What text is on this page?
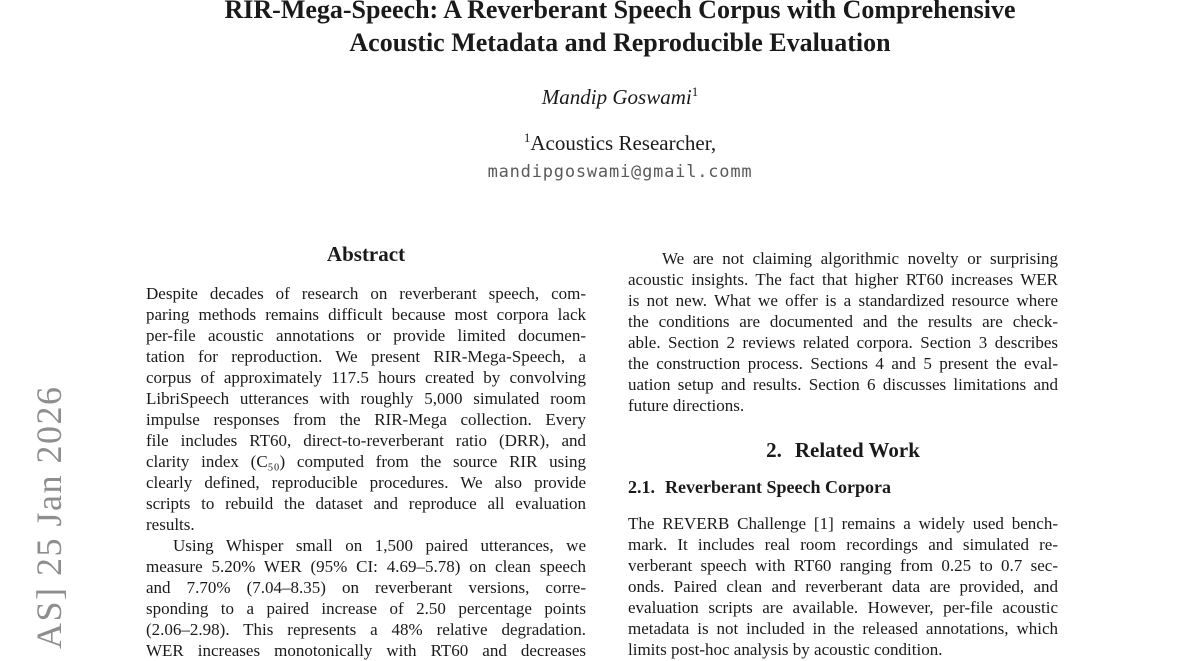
AS] 25 Jan 2026
RIR-Mega-Speech: A Reverberant Speech Corpus with Comprehensive
Acoustic Metadata and Reproducible Evaluation
Mandip Goswami$^1$
$^1$Acoustics Researcher,
mandipgoswami@gmail.comm
Abstract
Despite decades of research on reverberant speech, com-
paring methods remains difficult because most corpora lack
per-file acoustic annotations or provide limited documen-
tation for reproduction. We present RIR-Mega-Speech, a
corpus of approximately 117.5 hours created by convolving
LibriSpeech utterances with roughly 5,000 simulated room
impulse responses from the RIR-Mega collection. Every
file includes RT60, direct-to-reverberant ratio (DRR), and
clarity index (C₅₀) computed from the source RIR using
clearly defined, reproducible procedures. We also provide
scripts to rebuild the dataset and reproduce all evaluation
results.
Using Whisper small on 1,500 paired utterances, we
measure 5.20% WER (95% CI: 4.69–5.78) on clean speech
and 7.70% (7.04–8.35) on reverberant versions, corre-
sponding to a paired increase of 2.50 percentage points
(2.06–2.98). This represents a 48% relative degradation.
WER increases monotonically with RT60 and decreases
We are not claiming algorithmic novelty or surprising
acoustic insights. The fact that higher RT60 increases WER
is not new. What we offer is a standardized resource where
the conditions are documented and the results are check-
able. Section 2 reviews related corpora. Section 3 describes
the construction process. Sections 4 and 5 present the eval-
uation setup and results. Section 6 discusses limitations and
future directions.
2. Related Work
2.1. Reverberant Speech Corpora
The REVERB Challenge [1] remains a widely used bench-
mark. It includes real room recordings and simulated re-
verberant speech with RT60 ranging from 0.25 to 0.7 sec-
onds. Paired clean and reverberant data are provided, and
evaluation scripts are available. However, per-file acoustic
metadata is not included in the released annotations, which
limits post-hoc analysis by acoustic condition.
